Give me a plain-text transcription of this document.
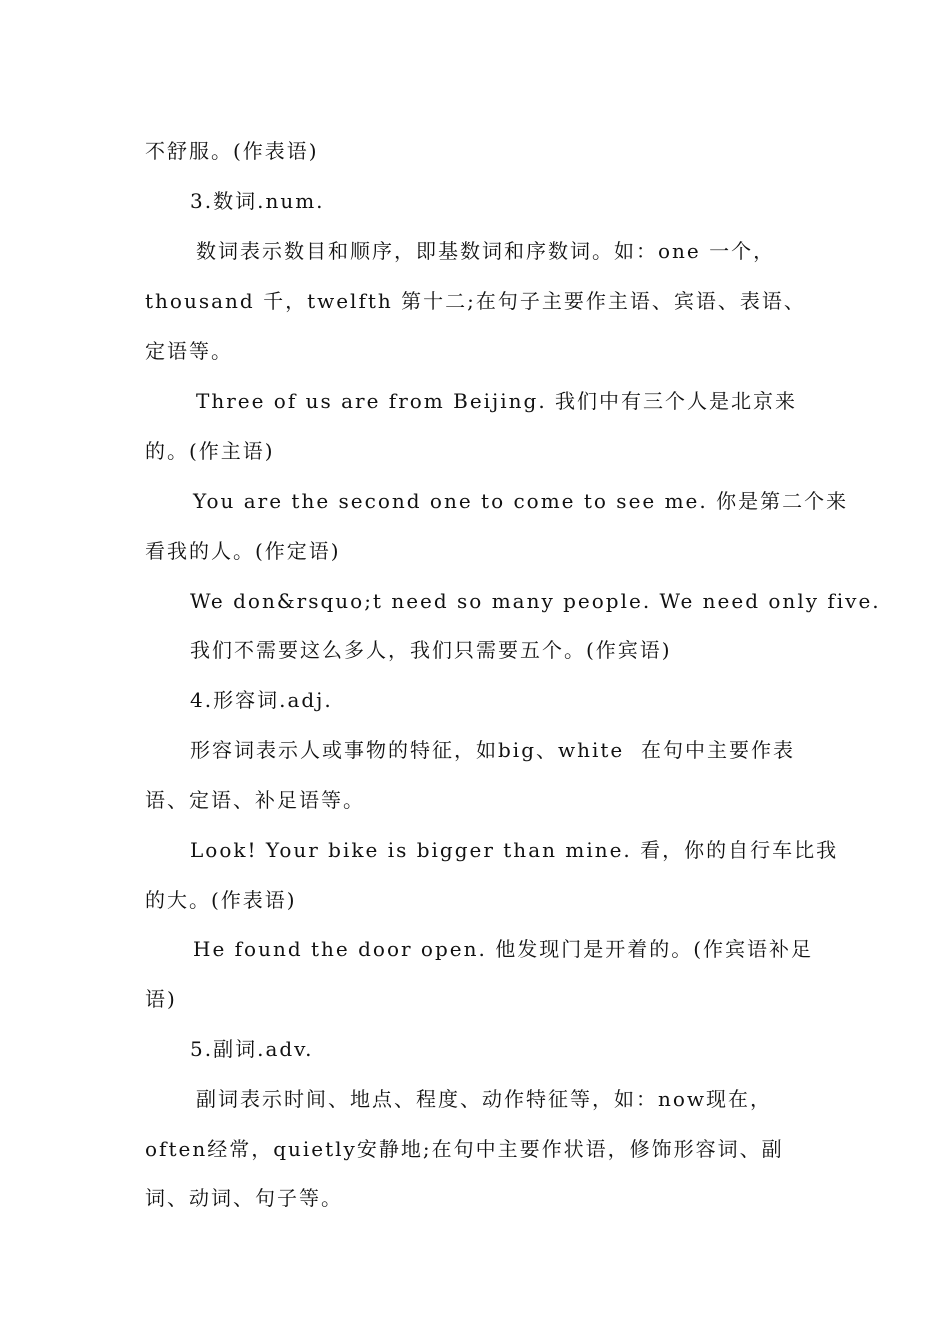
不舒服。(作表语)
3.数词.num.
数词表示数目和顺序，即基数词和序数词。如：one 一个，
thousand 千，twelfth 第十二;在句子主要作主语、宾语、表语、
定语等。
Three of us are from Beijing. 我们中有三个人是北京来
的。(作主语)
You are the second one to come to see me. 你是第二个来
看我的人。(作定语)
We don&rsquo;t need so many people. We need only five.
我们不需要这么多人，我们只需要五个。(作宾语)
4.形容词.adj.
形容词表示人或事物的特征，如big、white  在句中主要作表
语、定语、补足语等。
Look! Your bike is bigger than mine. 看，你的自行车比我
的大。(作表语)
He found the door open. 他发现门是开着的。(作宾语补足
语)
5.副词.adv.
副词表示时间、地点、程度、动作特征等，如：now现在，
often经常，quietly安静地;在句中主要作状语，修饰形容词、副
词、动词、句子等。
